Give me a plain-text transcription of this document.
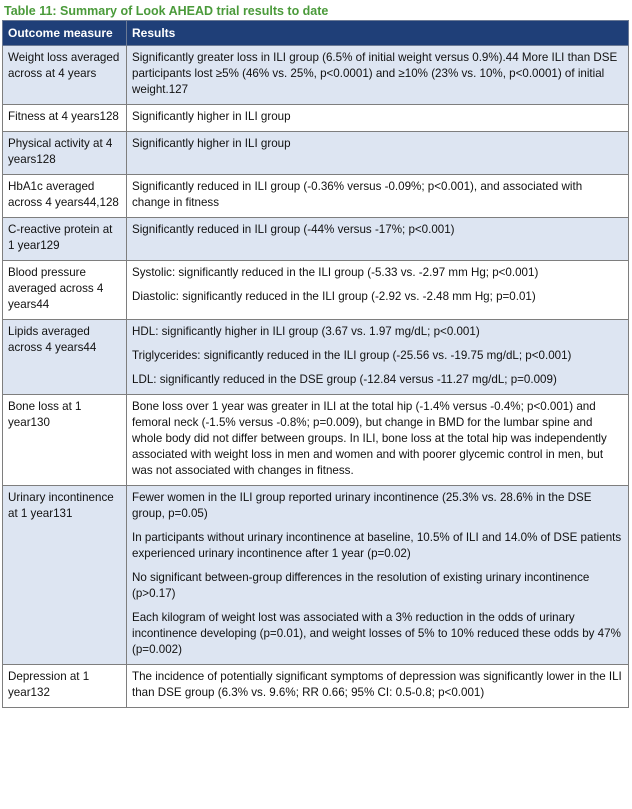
Table 11: Summary of Look AHEAD trial results to date
Outcome measure	Results
Weight loss averaged across at 4 years	Significantly greater loss in ILI group (6.5% of initial weight versus 0.9%).44 More ILI than DSE participants lost ≥5% (46% vs. 25%, p<0.0001) and ≥10% (23% vs. 10%, p<0.0001) of initial weight.127

Fitness at 4 years128	Significantly higher in ILI group

Physical activity at 4 years128	Significantly higher in ILI group

HbA1c averaged across 4 years44,128	Significantly reduced in ILI group (-0.36% versus -0.09%; p<0.001), and associated with change in fitness

C-reactive protein at 1 year129	Significantly reduced in ILI group (-44% versus -17%; p<0.001)

Blood pressure averaged across 4 years44	Systolic: significantly reduced in the ILI group (-5.33 vs. -2.97 mm Hg; p<0.001)

Diastolic: significantly reduced in the ILI group (-2.92 vs. -2.48 mm Hg; p=0.01)

Lipids averaged across 4 years44	HDL: significantly higher in ILI group (3.67 vs. 1.97 mg/dL; p<0.001)

Triglycerides: significantly reduced in the ILI group (-25.56 vs. -19.75 mg/dL; p<0.001)

LDL: significantly reduced in the DSE group (-12.84 versus -11.27 mg/dL; p=0.009)

Bone loss at 1 year130	Bone loss over 1 year was greater in ILI at the total hip (-1.4% versus -0.4%; p<0.001) and femoral neck (-1.5% versus -0.8%; p=0.009), but change in BMD for the lumbar spine and whole body did not differ between groups. In ILI, bone loss at the total hip was independently associated with weight loss in men and women and with poorer glycemic control in men, but was not associated with changes in fitness.

Urinary incontinence at 1 year131	Fewer women in the ILI group reported urinary incontinence (25.3% vs. 28.6% in the DSE group, p=0.05)

In participants without urinary incontinence at baseline, 10.5% of ILI and 14.0% of DSE patients experienced urinary incontinence after 1 year (p=0.02)

No significant between-group differences in the resolution of existing urinary incontinence (p>0.17)

Each kilogram of weight lost was associated with a 3% reduction in the odds of urinary incontinence developing (p=0.01), and weight losses of 5% to 10% reduced these odds by 47% (p=0.002)

Depression at 1 year132	The incidence of potentially significant symptoms of depression was significantly lower in the ILI than DSE group (6.3% vs. 9.6%; RR 0.66; 95% CI: 0.5-0.8; p<0.001)
